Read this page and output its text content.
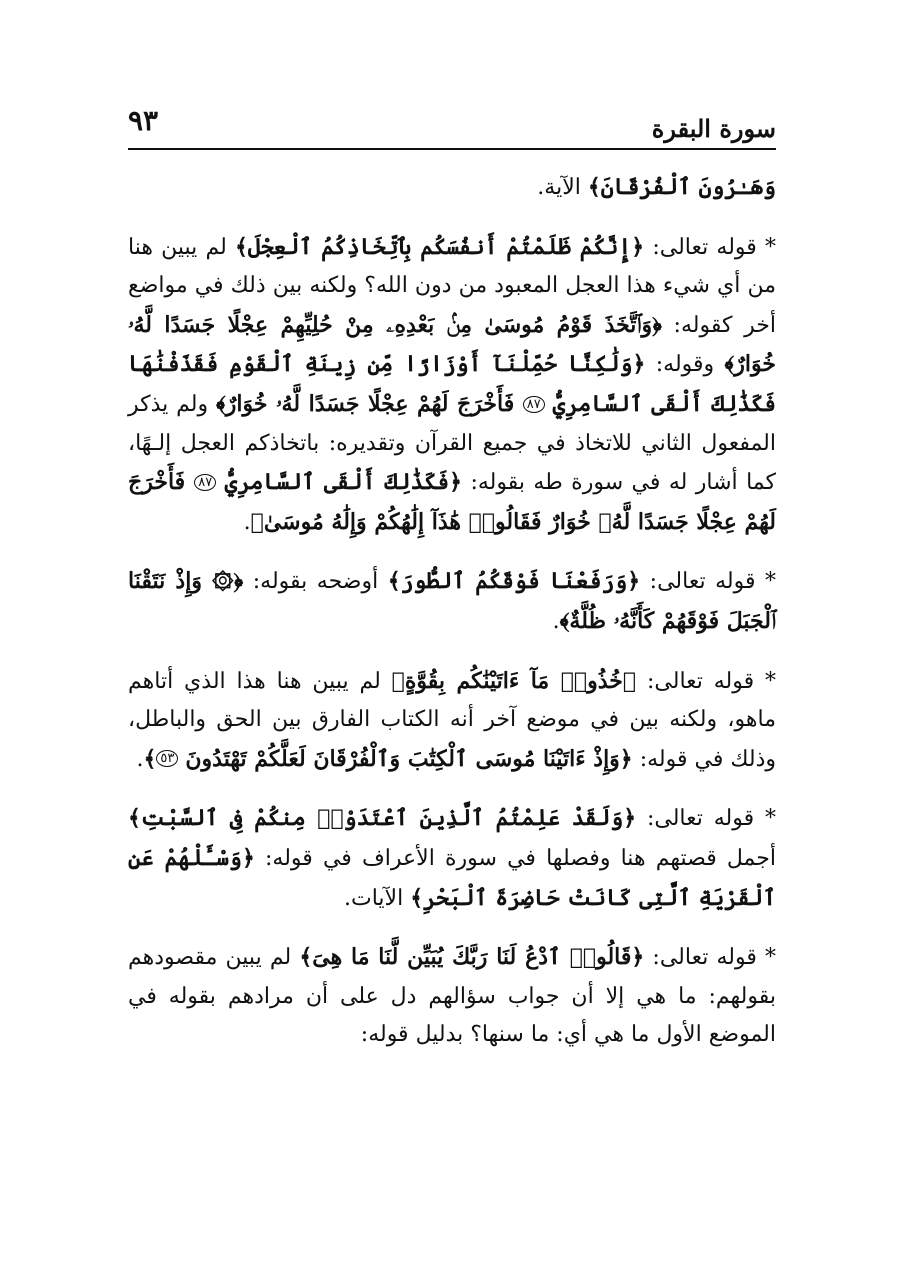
سورة البقرة
٩٣

وَهَـٰرُونَ ٱلْفُرْقَانَ﴾ الآية.

* قوله تعالى: ﴿إِنَّكُمْ ظَلَمْتُمْ أَنفُسَكُم بِٱتِّخَاذِكُمُ ٱلْعِجْلَ﴾ لم يبين هنا من أي شيء هذا العجل المعبود من دون الله؟ ولكنه بين ذلك في مواضع أخر كقوله: ﴿وَٱتَّخَذَ قَوْمُ مُوسَىٰ مِنۢ بَعْدِهِۦ مِنْ حُلِيِّهِمْ عِجْلًا جَسَدًا لَّهُۥ خُوَارٌ﴾ وقوله: ﴿وَلَٰكِنَّا حُمِّلْنَآ أَوْزَارًا مِّن زِينَةِ ٱلْقَوْمِ فَقَذَفْنَٰهَا فَكَذَٰلِكَ أَلْقَى ٱلسَّامِرِيُّ ٨٧ فَأَخْرَجَ لَهُمْ عِجْلًا جَسَدًا لَّهُۥ خُوَارٌ﴾ ولم يذكر المفعول الثاني للاتخاذ في جميع القرآن وتقديره: باتخاذكم العجل إلـهًا، كما أشار له في سورة طه بقوله: ﴿فَكَذَٰلِكَ أَلْقَى ٱلسَّامِرِيُّ ٨٧ فَأَخْرَجَ لَهُمْ عِجْلًا جَسَدًا لَّهُۥ خُوَارٌ فَقَالُوا۟ هَٰذَآ إِلَٰهُكُمْ وَإِلَٰهُ مُوسَىٰ﴾.

* قوله تعالى: ﴿وَرَفَعْنَا فَوْقَكُمُ ٱلطُّورَ﴾ أوضحه بقوله: ﴿۞ وَإِذْ نَتَقْنَا ٱلْجَبَلَ فَوْقَهُمْ كَأَنَّهُۥ ظُلَّةٌ﴾.

* قوله تعالى: ﴿خُذُوا۟ مَآ ءَاتَيْنَٰكُم بِقُوَّةٍ﴾ لم يبين هنا هذا الذي أتاهم ماهو، ولكنه بين في موضع آخر أنه الكتاب الفارق بين الحق والباطل، وذلك في قوله: ﴿وَإِذْ ءَاتَيْنَا مُوسَى ٱلْكِتَٰبَ وَٱلْفُرْقَانَ لَعَلَّكُمْ تَهْتَدُونَ ٥٣﴾.

* قوله تعالى: ﴿وَلَقَدْ عَلِمْتُمُ ٱلَّذِينَ ٱعْتَدَوْا۟ مِنكُمْ فِى ٱلسَّبْتِ﴾ أجمل قصتهم هنا وفصلها في سورة الأعراف في قوله: ﴿وَسْـَٔلْهُمْ عَنِ ٱلْقَرْيَةِ ٱلَّتِى كَانَتْ حَاضِرَةَ ٱلْبَحْرِ﴾ الآيات.

* قوله تعالى: ﴿قَالُوا۟ ٱدْعُ لَنَا رَبَّكَ يُبَيِّن لَّنَا مَا هِىَ﴾ لم يبين مقصودهم بقولهم: ما هي إلا أن جواب سؤالهم دل على أن مرادهم بقوله في الموضع الأول ما هي أي: ما سنها؟ بدليل قوله:
